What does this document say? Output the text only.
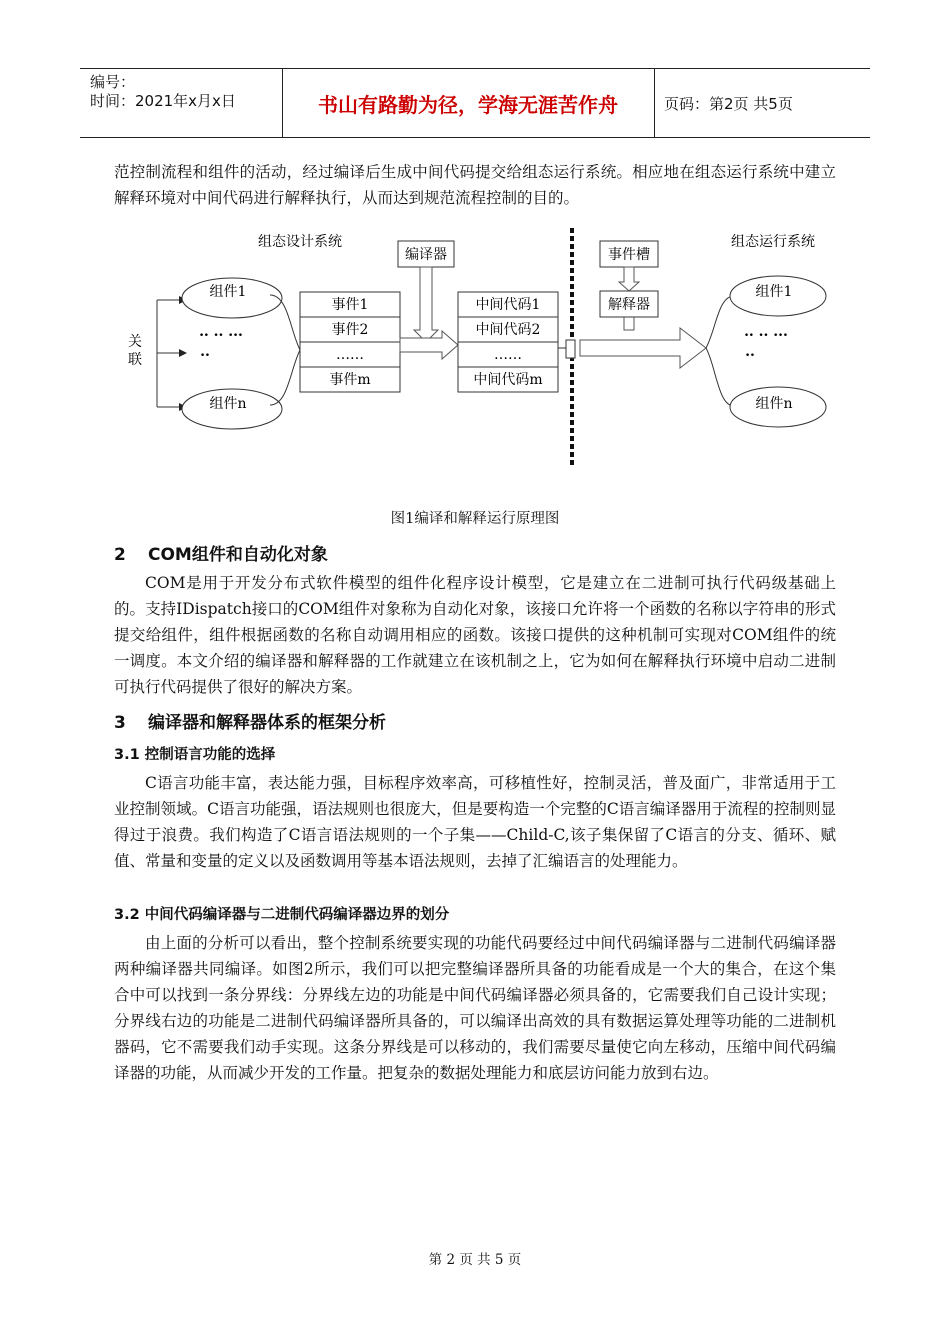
编号：
时间：2021年x月x日	书山有路勤为径，学海无涯苦作舟	页码：第2页 共5页
范控制流程和组件的活动，经过编译后生成中间代码提交给组态运行系统。相应地在组态运行系统中建立解释环境对中间代码进行解释执行，从而达到规范流程控制的目的。
组态设计系统	组态运行系统
编译器
关
联
组件1
.. .. ...
..
组件n
事件1
事件2
……
事件m
中间代码1
中间代码2
……
中间代码m
事件槽
解释器
组件1
.. .. ...
..
组件n
图1编译和解释运行原理图
2 COM组件和自动化对象
COM是用于开发分布式软件模型的组件化程序设计模型，它是建立在二进制可执行代码级基础上的。支持IDispatch接口的COM组件对象称为自动化对象，该接口允许将一个函数的名称以字符串的形式提交给组件，组件根据函数的名称自动调用相应的函数。该接口提供的这种机制可实现对COM组件的统一调度。本文介绍的编译器和解释器的工作就建立在该机制之上，它为如何在解释执行环境中启动二进制可执行代码提供了很好的解决方案。
3 编译器和解释器体系的框架分析
3.1 控制语言功能的选择
C语言功能丰富，表达能力强，目标程序效率高，可移植性好，控制灵活，普及面广，非常适用于工业控制领域。C语言功能强，语法规则也很庞大，但是要构造一个完整的C语言编译器用于流程的控制则显得过于浪费。我们构造了C语言语法规则的一个子集——Child-C,该子集保留了C语言的分支、循环、赋值、常量和变量的定义以及函数调用等基本语法规则，去掉了汇编语言的处理能力。
3.2 中间代码编译器与二进制代码编译器边界的划分
由上面的分析可以看出，整个控制系统要实现的功能代码要经过中间代码编译器与二进制代码编译器两种编译器共同编译。如图2所示，我们可以把完整编译器所具备的功能看成是一个大的集合，在这个集合中可以找到一条分界线：分界线左边的功能是中间代码编译器必须具备的，它需要我们自己设计实现；分界线右边的功能是二进制代码编译器所具备的，可以编译出高效的具有数据运算处理等功能的二进制机器码，它不需要我们动手实现。这条分界线是可以移动的，我们需要尽量使它向左移动，压缩中间代码编译器的功能，从而减少开发的工作量。把复杂的数据处理能力和底层访问能力放到右边。
第 2 页 共 5 页
